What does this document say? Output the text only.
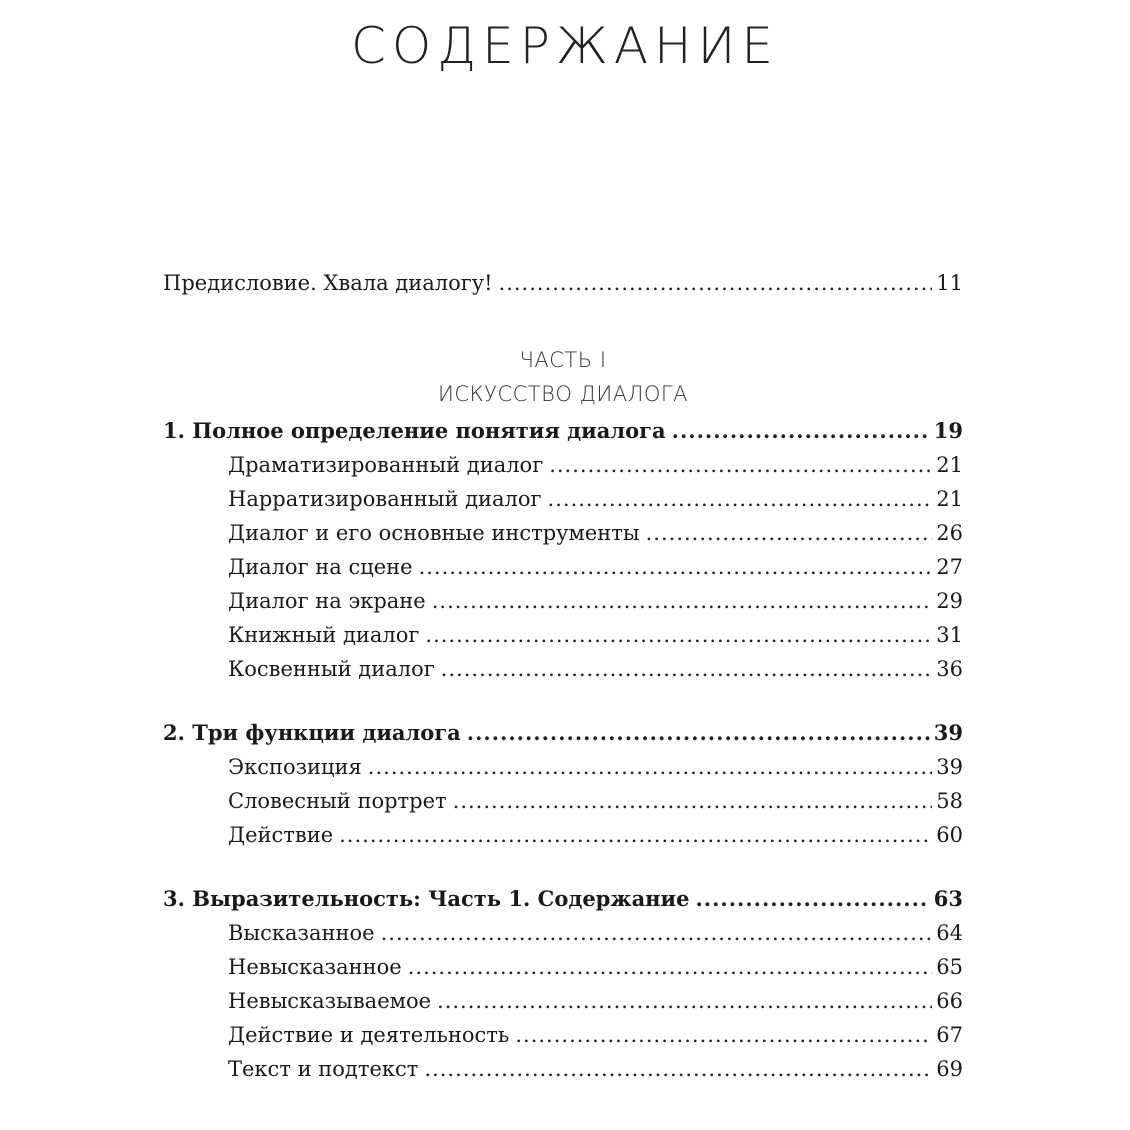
СОДЕРЖАНИЕ
Предисловие. Хвала диалогу! .....	11
ЧАСТЬ I
ИСКУССТВО ДИАЛОГА
1. Полное определение понятия диалога .....	19
Драматизированный диалог .....	21
Нарратизированный диалог .....	21
Диалог и его основные инструменты .....	26
Диалог на сцене .....	27
Диалог на экране .....	29
Книжный диалог .....	31
Косвенный диалог .....	36
2. Три функции диалога .....	39
Экспозиция .....	39
Словесный портрет .....	58
Действие .....	60
3. Выразительность: Часть 1. Содержание .....	63
Высказанное .....	64
Невысказанное .....	65
Невысказываемое .....	66
Действие и деятельность .....	67
Текст и подтекст .....	69
